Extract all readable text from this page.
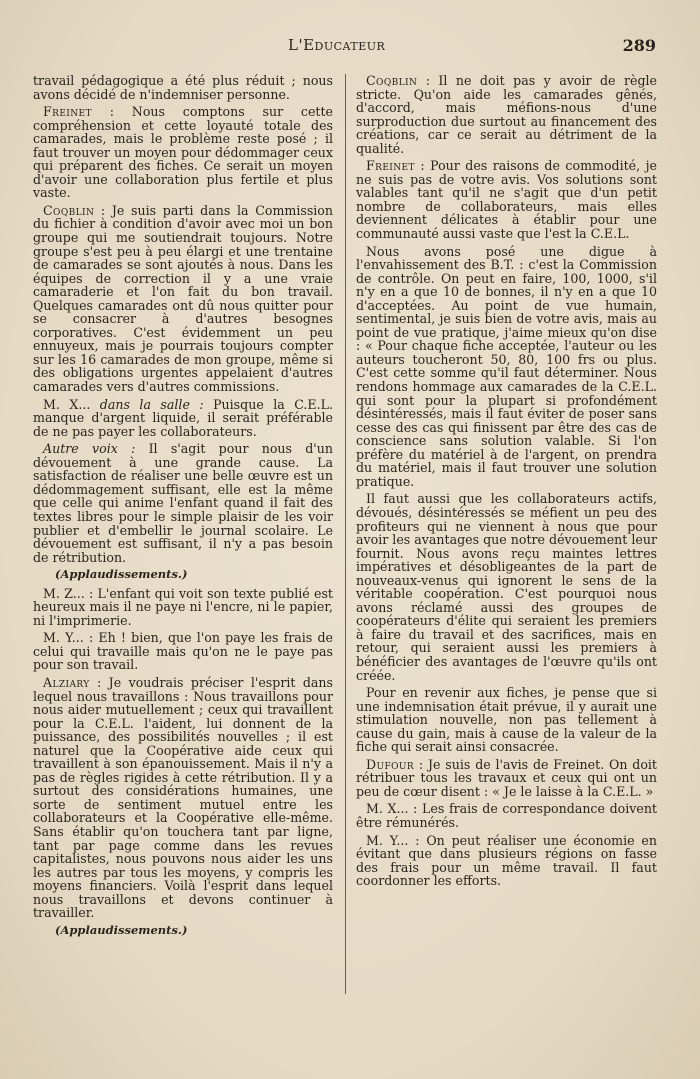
L'Educateur	289

travail pédagogique a été plus réduit ; nous avons décidé de n'indemniser personne.

Freinet : Nous comptons sur cette compréhension et cette loyauté totale des camarades, mais le problème reste posé ; il faut trouver un moyen pour dédommager ceux qui préparent des fiches. Ce serait un moyen d'avoir une collaboration plus fertile et plus vaste.

Coqblin : Je suis parti dans la Commission du fichier à condition d'avoir avec moi un bon groupe qui me soutiendrait toujours. Notre groupe s'est peu à peu élargi et une trentaine de camarades se sont ajoutés à nous. Dans les équipes de correction il y a une vraie camaraderie et l'on fait du bon travail. Quelques camarades ont dû nous quitter pour se consacrer à d'autres besognes corporatives. C'est évidemment un peu ennuyeux, mais je pourrais toujours compter sur les 16 camarades de mon groupe, même si des obligations urgentes appelaient d'autres camarades vers d'autres commissions.

M. X... dans la salle : Puisque la C.E.L. manque d'argent liquide, il serait préférable de ne pas payer les collaborateurs.

Autre voix : Il s'agit pour nous d'un dévouement à une grande cause. La satisfaction de réaliser une belle œuvre est un dédommagement suffisant, elle est la même que celle qui anime l'enfant quand il fait des textes libres pour le simple plaisir de les voir publier et d'embellir le journal scolaire. Le dévouement est suffisant, il n'y a pas besoin de rétribution.

(Applaudissements.)

M. Z... : L'enfant qui voit son texte publié est heureux mais il ne paye ni l'encre, ni le papier, ni l'imprimerie.

M. Y... : Eh ! bien, que l'on paye les frais de celui qui travaille mais qu'on ne le paye pas pour son travail.

Alziary : Je voudrais préciser l'esprit dans lequel nous travaillons : Nous travaillons pour nous aider mutuellement ; ceux qui travaillent pour la C.E.L. l'aident, lui donnent de la puissance, des possibilités nouvelles ; il est naturel que la Coopérative aide ceux qui travaillent à son épanouissement. Mais il n'y a pas de règles rigides à cette rétribution. Il y a surtout des considérations humaines, une sorte de sentiment mutuel entre les collaborateurs et la Coopérative elle-même. Sans établir qu'on touchera tant par ligne, tant par page comme dans les revues capitalistes, nous pouvons nous aider les uns les autres par tous les moyens, y compris les moyens financiers. Voilà l'esprit dans lequel nous travaillons et devons continuer à travailler.

(Applaudissements.)

Coqblin : Il ne doit pas y avoir de règle stricte. Qu'on aide les camarades gênés, d'accord, mais méfions-nous d'une surproduction due surtout au financement des créations, car ce serait au détriment de la qualité.

Freinet : Pour des raisons de commodité, je ne suis pas de votre avis. Vos solutions sont valables tant qu'il ne s'agit que d'un petit nombre de collaborateurs, mais elles deviennent délicates à établir pour une communauté aussi vaste que l'est la C.E.L.

Nous avons posé une digue à l'envahissement des B.T. : c'est la Commission de contrôle. On peut en faire, 100, 1000, s'il n'y en a que 10 de bonnes, il n'y en a que 10 d'acceptées. Au point de vue humain, sentimental, je suis bien de votre avis, mais au point de vue pratique, j'aime mieux qu'on dise : « Pour chaque fiche acceptée, l'auteur ou les auteurs toucheront 50, 80, 100 frs ou plus. C'est cette somme qu'il faut déterminer. Nous rendons hommage aux camarades de la C.E.L. qui sont pour la plupart si profondément désintéressés, mais il faut éviter de poser sans cesse des cas qui finissent par être des cas de conscience sans solution valable. Si l'on préfère du matériel à de l'argent, on prendra du matériel, mais il faut trouver une solution pratique.

Il faut aussi que les collaborateurs actifs, dévoués, désintéressés se méfient un peu des profiteurs qui ne viennent à nous que pour avoir les avantages que notre dévouement leur fournit. Nous avons reçu maintes lettres impératives et désobligeantes de la part de nouveaux-venus qui ignorent le sens de la véritable coopération. C'est pourquoi nous avons réclamé aussi des groupes de coopérateurs d'élite qui seraient les premiers à faire du travail et des sacrifices, mais en retour, qui seraient aussi les premiers à bénéficier des avantages de l'œuvre qu'ils ont créée.

Pour en revenir aux fiches, je pense que si une indemnisation était prévue, il y aurait une stimulation nouvelle, non pas tellement à cause du gain, mais à cause de la valeur de la fiche qui serait ainsi consacrée.

Dufour : Je suis de l'avis de Freinet. On doit rétribuer tous les travaux et ceux qui ont un peu de cœur disent : « Je le laisse à la C.E.L. »

M. X... : Les frais de correspondance doivent être rémunérés.

M. Y... : On peut réaliser une économie en évitant que dans plusieurs régions on fasse des frais pour un même travail. Il faut coordonner les efforts.
